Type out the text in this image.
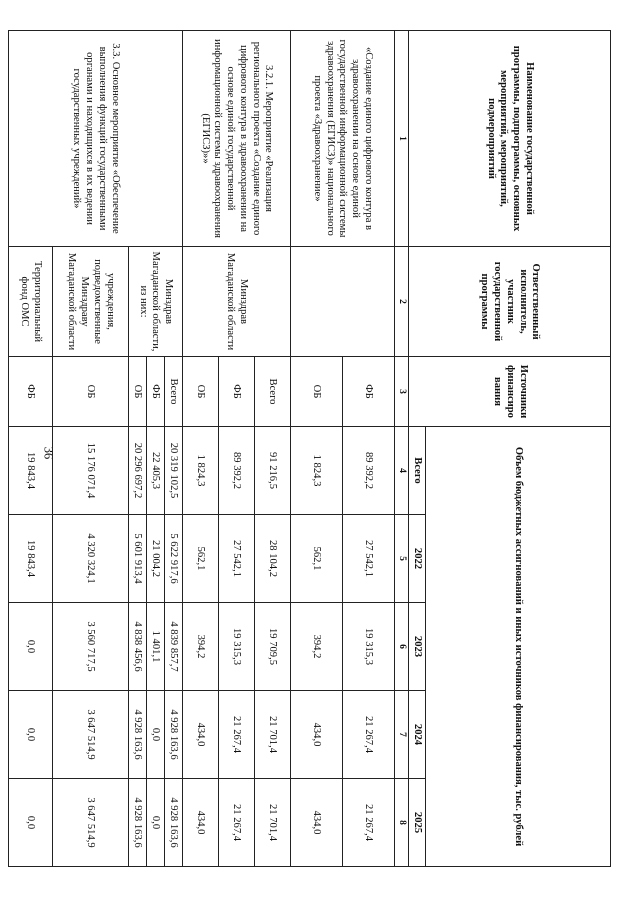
36
Наименование государственной программы, подпрограммы, основных мероприятий, мероприятий, подмероприятий	Ответственный исполнитель, участник государственной программы	Источники финансиро вания	Объем бюджетных ассигнований и иных источников финансирования, тыс. рублей				
			Всего	2022	2023	2024	2025
1	2	3	4	5	6	7	8
«Создание единого цифрового контура в здравоохранении на основе единой государственной информационной системы здравоохранения (ЕГИСЗ)» национального проекта «Здравоохранение»		ФБ	89 392,2	27 542,1	19 315,3	21 267,4	21 267,4
		ОБ	1 824,3	562,1	394,2	434,0	434,0
3.2.1. Мероприятие «Реализация регионального проекта «Создание единого цифрового контура в здравоохранении на основе единой государственной информационной системы здравоохранения (ЕГИСЗ)»»	Минздрав Магаданской области	Всего	91 216,5	28 104,2	19 709,5	21 701,4	21 701,4
		ФБ	89 392,2	27 542,1	19 315,3	21 267,4	21 267,4
		ОБ	1 824,3	562,1	394,2	434,0	434,0
3.3. Основное мероприятие «Обеспечение выполнения функций государственными органами и находящихся в их ведении государственных учреждений»	Минздрав Магаданской области, из них:	Всего	20 319 102,5	5 622 917,6	4 839 857,7	4 928 163,6	4 928 163,6
		ФБ	22 405,3	21 004,2	1 401,1	0,0	0,0
		ОБ	20 296 697,2	5 601 913,4	4 838 456,6	4 928 163,6	4 928 163,6
	учреждения, подведомственные Минздраву Магаданской области	ОБ	15 176 071,4	4 320 324,1	3 560 717,5	3 647 514,9	3 647 514,9
	Территориальный фонд ОМС	ФБ	19 843,4	19 843,4	0,0	0,0	0,0
